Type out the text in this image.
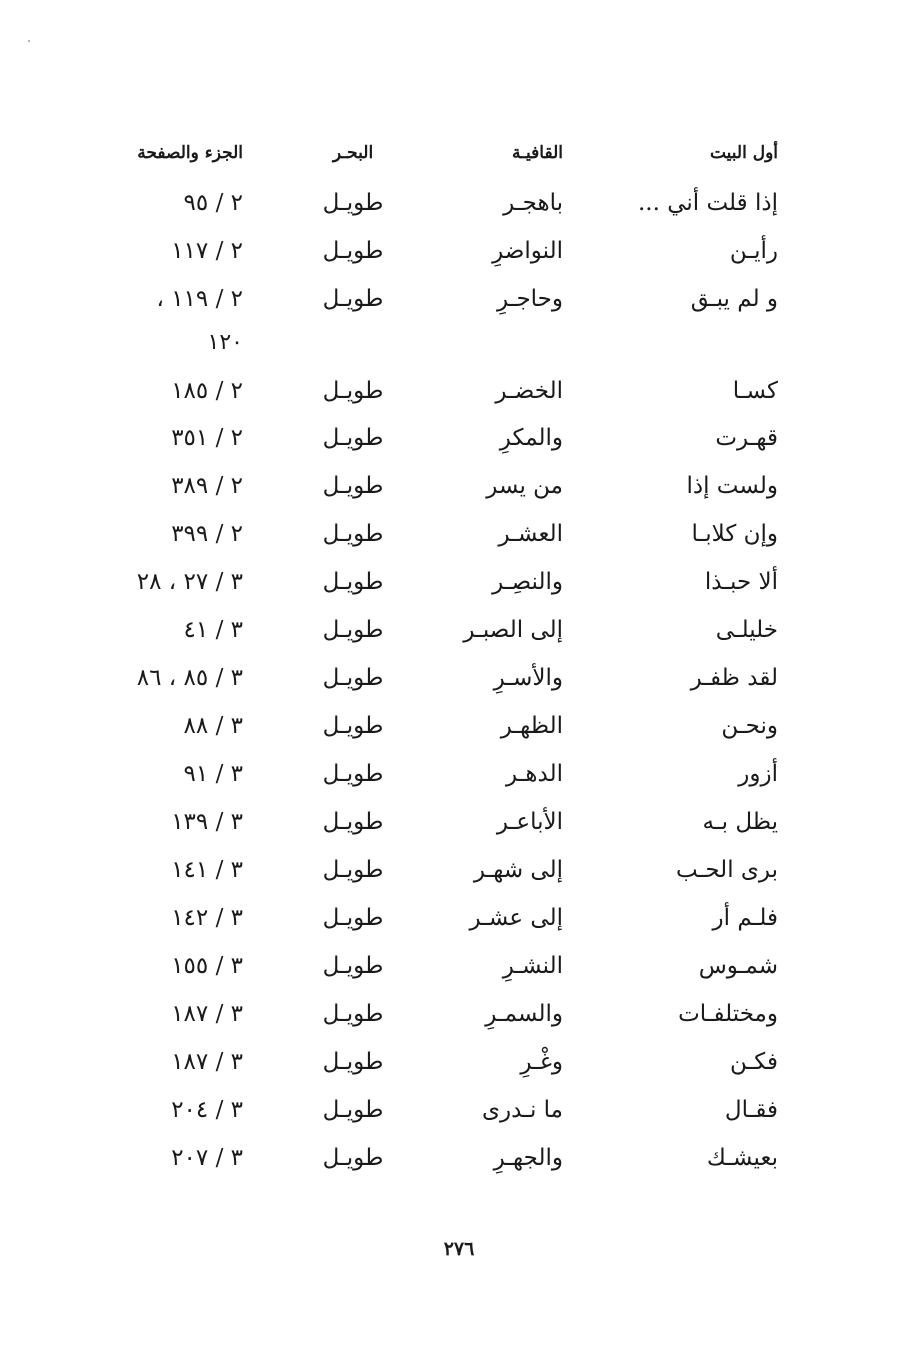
أول البيت
القافيـة
البحـر
الجزء والصفحة
إذا قلت أني ...
باهجـر
طويـل
٢ / ٩٥
رأيـن
النواضرِ
طويـل
٢ / ١١٧
و لم يبـق
وحاجـرِ
طويـل
٢ / ١١٩ ،
١٢٠
كسـا
الخضـر
طويـل
٢ / ١٨٥
قهـرت
والمكرِ
طويـل
٢ / ٣٥١
ولست إذا
من يسر
طويـل
٢ / ٣٨٩
وإن كلابـا
العشـر
طويـل
٢ / ٣٩٩
ألا حبـذا
والنصِـر
طويـل
٣ / ٢٧ ، ٢٨
خليلـى
إلى الصبـر
طويـل
٣ / ٤١
لقد ظفـر
والأسـرِ
طويـل
٣ / ٨٥ ، ٨٦
ونحـن
الظهـر
طويـل
٣ / ٨٨
أزور
الدهـر
طويـل
٣ / ٩١
يظل بـه
الأباعـر
طويـل
٣ / ١٣٩
برى الحـب
إلى شهـر
طويـل
٣ / ١٤١
فلـم أر
إلى عشـر
طويـل
٣ / ١٤٢
شمـوس
النشـرِ
طويـل
٣ / ١٥٥
ومختلفـات
والسمـرِ
طويـل
٣ / ١٨٧
فكـن
وغْـرِ
طويـل
٣ / ١٨٧
فقـال
ما نـدرى
طويـل
٣ / ٢٠٤
بعيشـك
والجهـرِ
طويـل
٣ / ٢٠٧
٢٧٦
